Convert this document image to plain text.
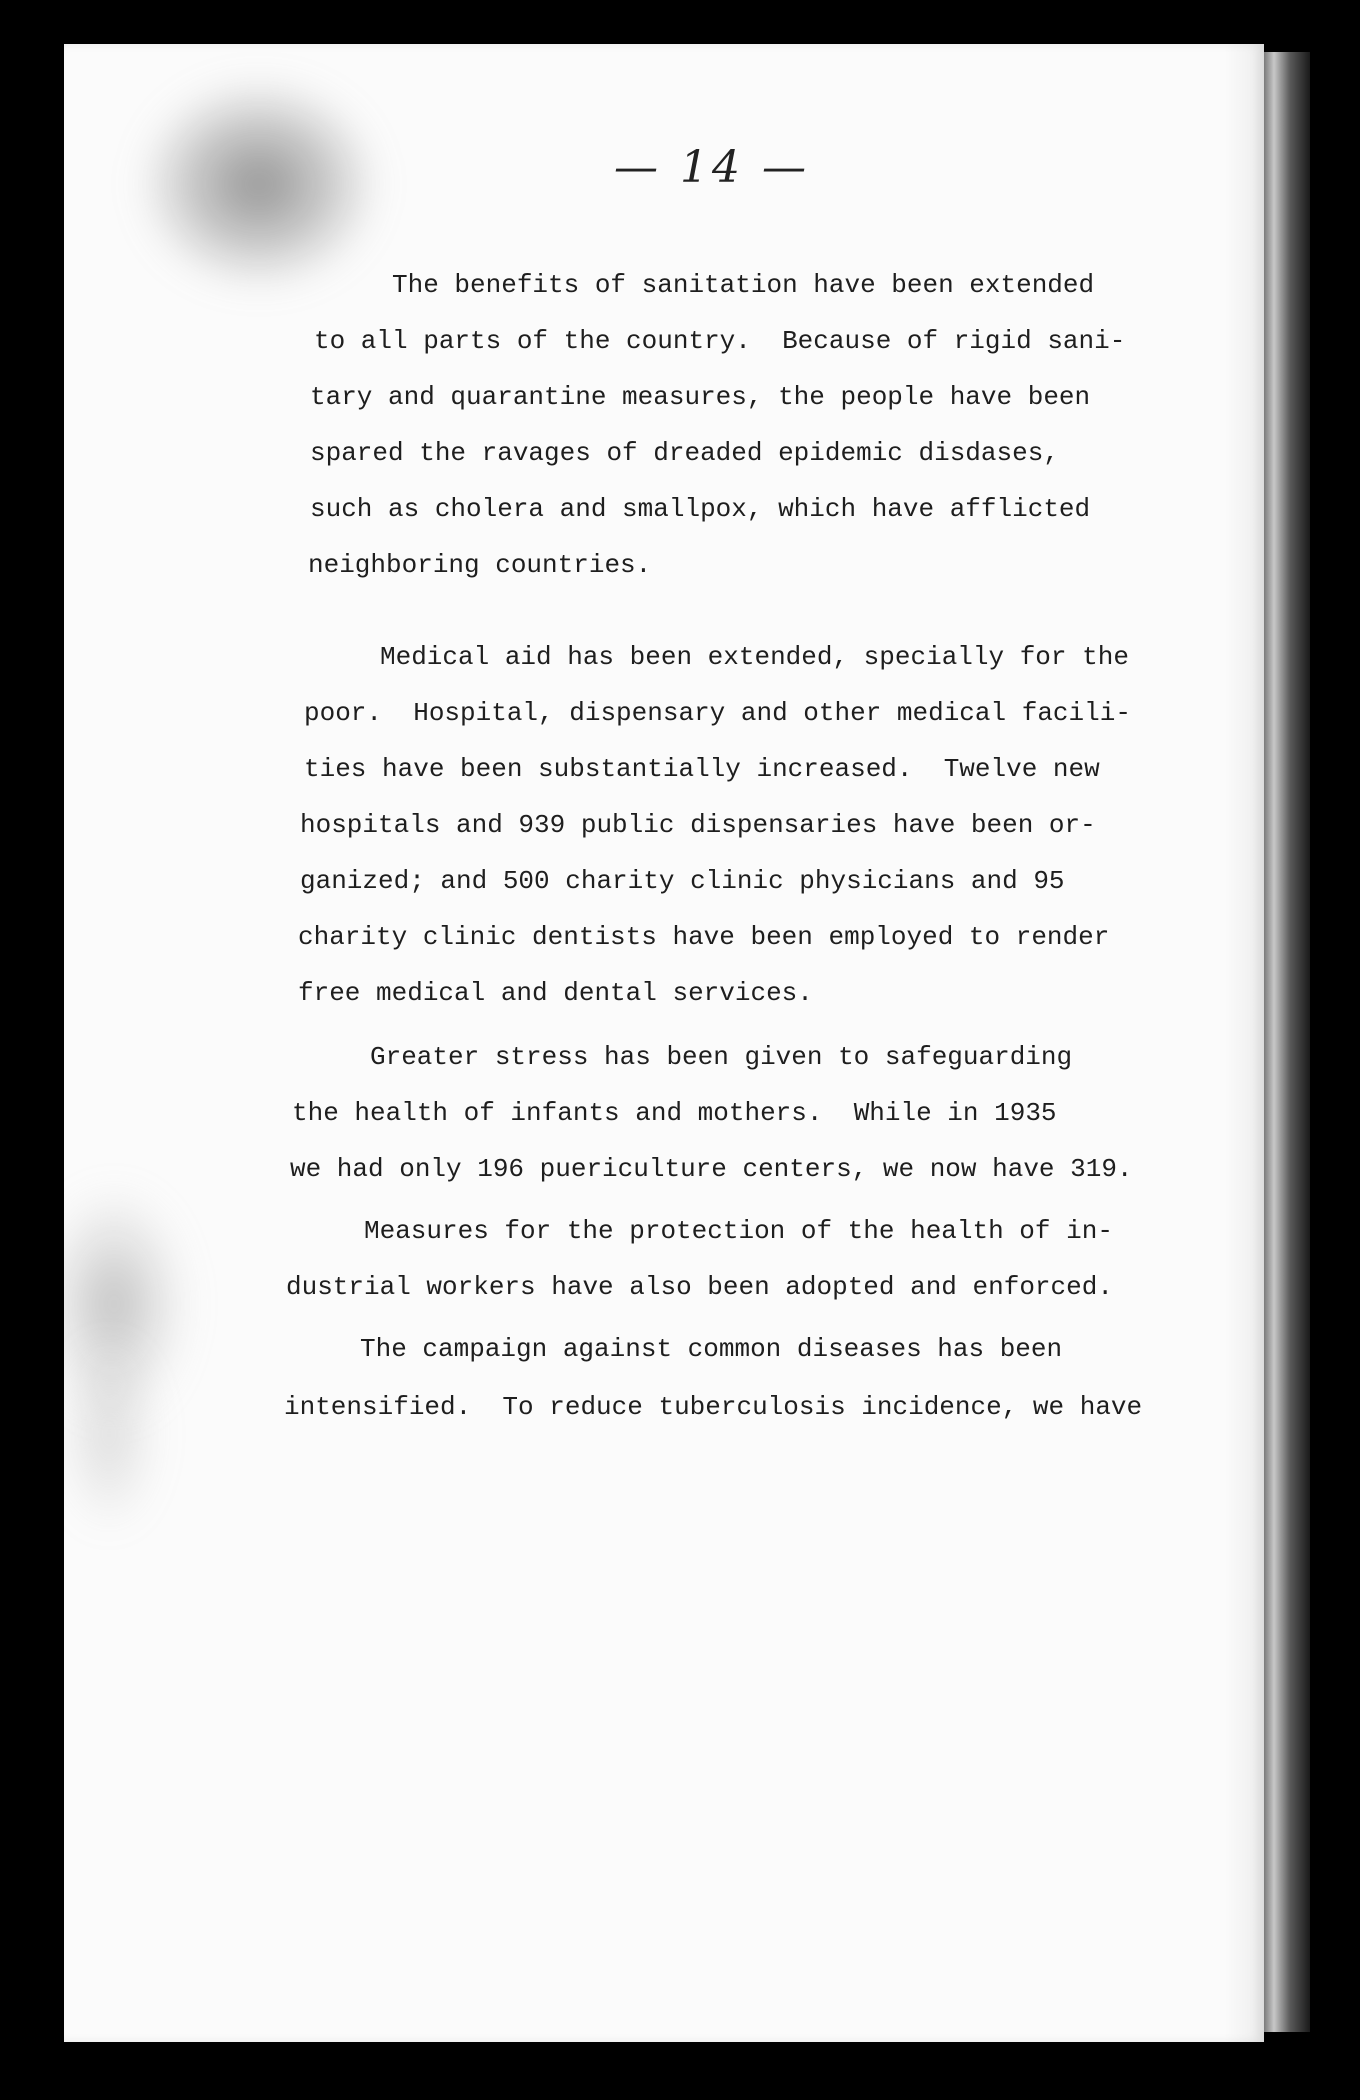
— 14 —
The benefits of sanitation have been extended
to all parts of the country.  Because of rigid sani-
tary and quarantine measures, the people have been
spared the ravages of dreaded epidemic disdases,
such as cholera and smallpox, which have afflicted
neighboring countries.
Medical aid has been extended, specially for the
poor.  Hospital, dispensary and other medical facili-
ties have been substantially increased.  Twelve new
hospitals and 939 public dispensaries have been or-
ganized; and 500 charity clinic physicians and 95
charity clinic dentists have been employed to render
free medical and dental services.
Greater stress has been given to safeguarding
the health of infants and mothers.  While in 1935
we had only 196 puericulture centers, we now have 319.
Measures for the protection of the health of in-
dustrial workers have also been adopted and enforced.
The campaign against common diseases has been
intensified.  To reduce tuberculosis incidence, we have
